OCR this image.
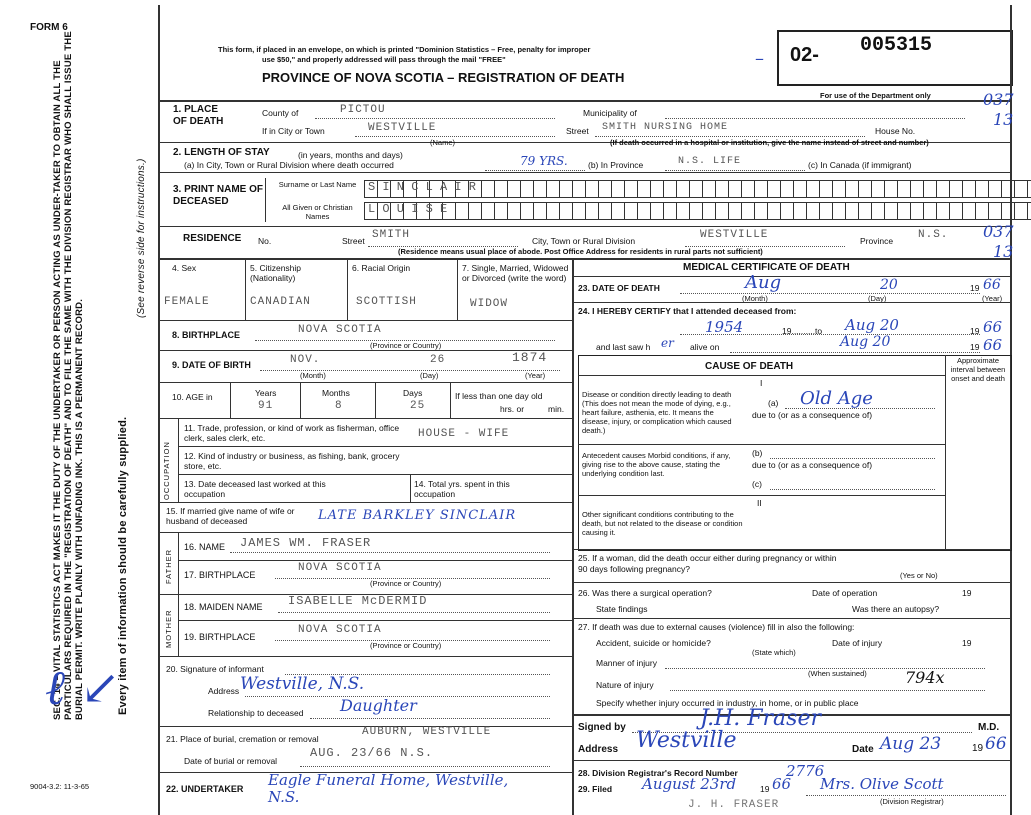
FORM 6
This form, if placed in an envelope, on which is printed "Dominion Statistics – Free, penalty for improper
use $50," and properly addressed will pass through the mail "FREE"
PROVINCE OF NOVA SCOTIA – REGISTRATION OF DEATH
02- 005315
–
For use of the Department only
SEC. 14 – VITAL STATISTICS ACT MAKES IT THE DUTY OF THE UNDERTAKER OR PERSON ACTING AS UNDER-TAKER TO OBTAIN ALL THE PARTICULARS REQUIRED IN THE "REGISTRATION OF DEATH" AND TO FILE THE SAME WITH THE DIVISION REGISTRAR WHO SHALL ISSUE THE BURIAL PERMIT. WRITE PLAINLY WITH UNFADING INK. THIS IS A PERMANENT RECORD.	Every item of information should be carefully supplied.
(See reverse side for instructions.)
ℓ ↙
9004-3.2: 11-3-65
1. PLACE OF DEATH
County of	PICTOU	Municipality of
If in City or Town	WESTVILLE
(Name)
Street SMITH NURSING HOME	House No.
(If death occurred in a hospital or institution, give the name instead of street and number)
037
13
2. LENGTH OF STAY	(in years, months and days)
(a) In City, Town or Rural Division where death occurred	79 YRS. (b) In Province	N.S. LIFE	(c) In Canada (if immigrant)
3. PRINT NAME OF DECEASED
Surname or Last Name
All Given or Christian Names
SINCLAIR
LOUISE
RESIDENCE No.	Street SMITH	City, Town or Rural Division	WESTVILLE	Province N.S.
(Residence means usual place of abode. Post Office Address for residents in rural parts not sufficient)
037
13
4. Sex	5. Citizenship (Nationality)
6. Racial Origin	7. Single, Married, Widowed or Divorced (write the word)
FEMALE	CANADIAN	SCOTTISH	WIDOW
8. BIRTHPLACE	NOVA SCOTIA
(Province or Country)
9. DATE OF BIRTH	NOV.	26	1874
(Month)	(Day)	(Year)
10. AGE in	Years	Months	Days
91	8	25
If less than one day old
hrs. or	min.
OCCUPATION
11. Trade, profession, or kind of work as fisherman, office clerk, sales clerk, etc.	HOUSE - WIFE
12. Kind of industry or business, as fishing, bank, grocery store, etc.
13. Date deceased last worked at this occupation
14. Total yrs. spent in this occupation
15. If married give name of wife or husband of deceased	LATE BARKLEY SINCLAIR
FATHER
16. NAME JAMES WM. FRASER
17. BIRTHPLACE
NOVA SCOTIA
(Province or Country)
MOTHER
18. MAIDEN NAME ISABELLE McDERMID
19. BIRTHPLACE
NOVA SCOTIA
(Province or Country)
20. Signature of informant
Address Westville, N.S.
Relationship to deceased Daughter
21. Place of burial, cremation or removal
AUBURN, WESTVILLE
Date of burial or removal
AUG. 23/66 N.S.
22. UNDERTAKER Eagle Funeral Home, Westville, N.S.
MEDICAL CERTIFICATE OF DEATH
23. DATE OF DEATH	Aug	20	19 66
(Month)	(Day)	(Year)
24. I HEREBY CERTIFY that I attended deceased from:
1954	19.......... to Aug 20	19 66
and last saw h er alive on	Aug 20	19 66
CAUSE OF DEATH
Approximate interval between onset and death
I
Disease or condition directly leading to death (This does not mean the mode of dying, e.g., heart failure, asthenia, etc. It means the disease, injury, or complication which caused death.)
(a) Old Age
due to (or as a consequence of)
Antecedent causes Morbid conditions, if any, giving rise to the above cause, stating the underlying condition last.
(b)
due to (or as a consequence of)
(c)
II
Other significant conditions contributing to the death, but not related to the disease or condition causing it.
25. If a woman, did the death occur either during pregnancy or within 90 days following pregnancy?
(Yes or No)
26. Was there a surgical operation?	Date of operation	19
State findings	Was there an autopsy?
27. If death was due to external causes (violence) fill in also the following:
Accident, suicide or homicide?	Date of injury	19
(State which)
Manner of injury
(When sustained)
Nature of injury	794x
Specify whether injury occurred in industry, in home, or in public place
Signed by	J.H. Fraser	M.D.
Address Westville	Date Aug 23	19 66
28. Division Registrar's Record Number	2776
29. Filed August 23rd	19 66 Mrs. Olive Scott
(Division Registrar)
J. H. FRASER
